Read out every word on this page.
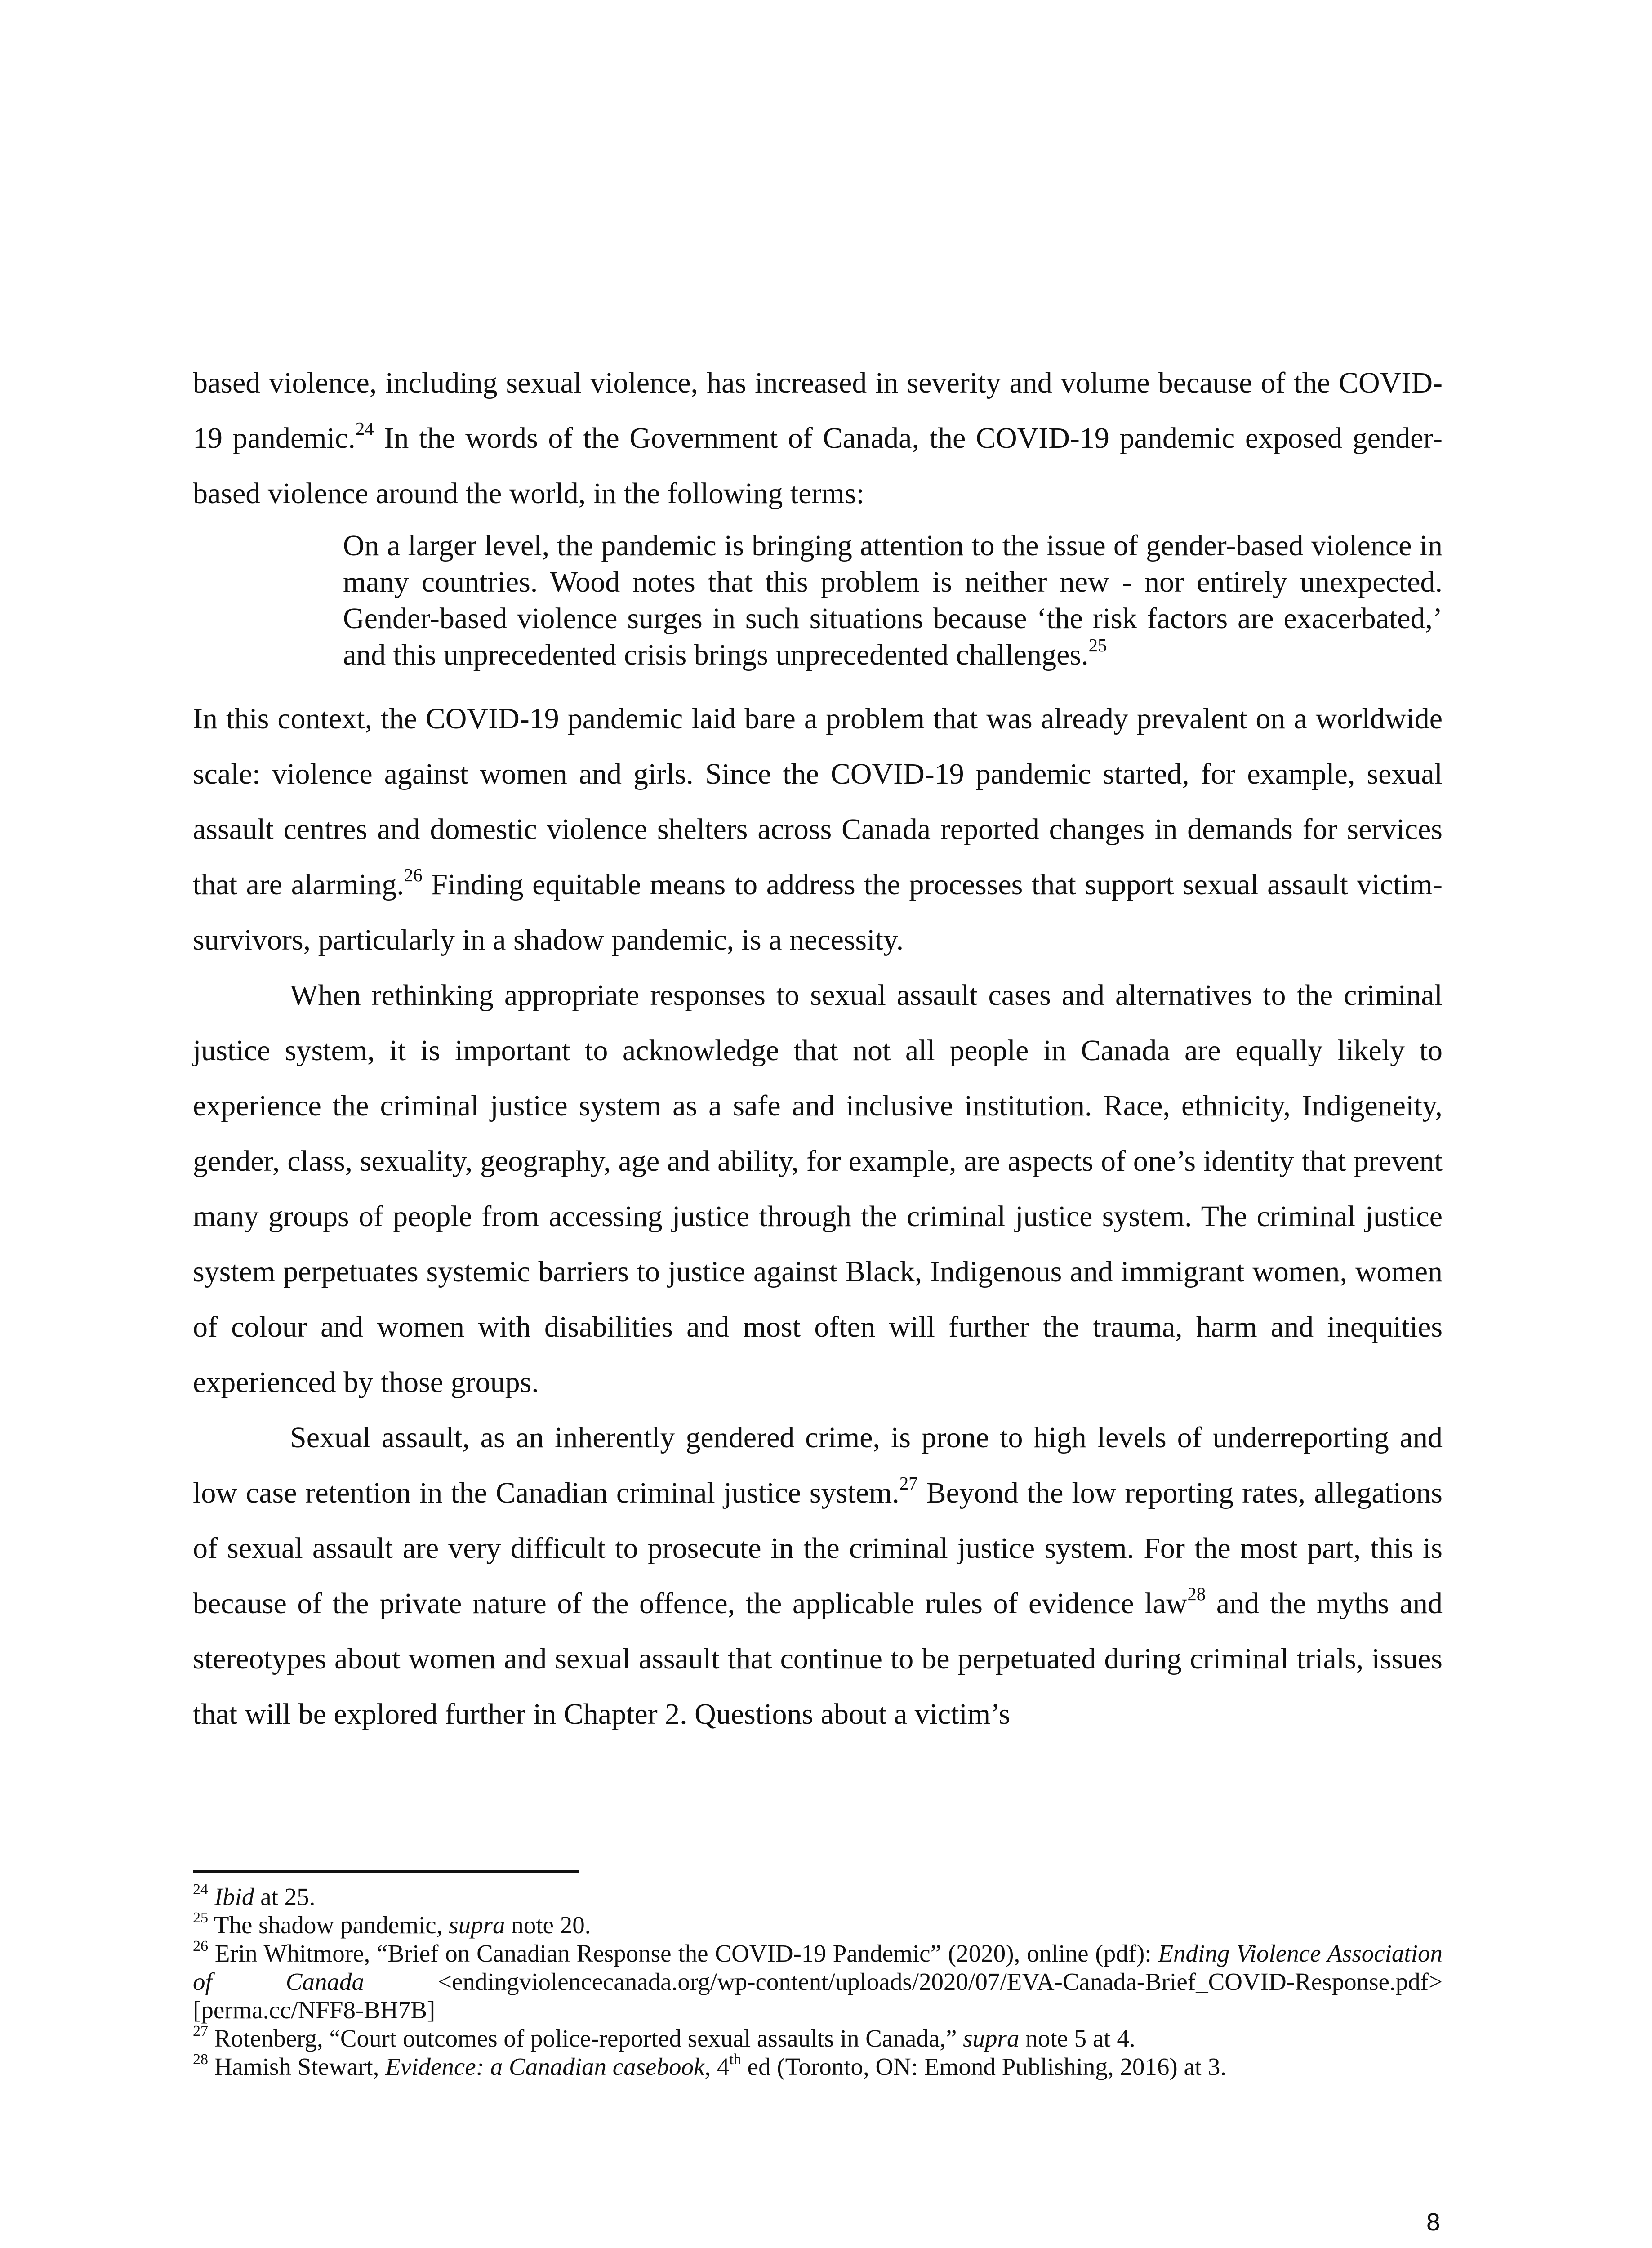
based violence, including sexual violence, has increased in severity and volume because of the COVID-19 pandemic.$^{24}$ In the words of the Government of Canada, the COVID-19 pandemic exposed gender-based violence around the world, in the following terms:

On a larger level, the pandemic is bringing attention to the issue of gender-based violence in many countries. Wood notes that this problem is neither new - nor entirely unexpected. Gender-based violence surges in such situations because ‘the risk factors are exacerbated,’ and this unprecedented crisis brings unprecedented challenges.$^{25}$

In this context, the COVID-19 pandemic laid bare a problem that was already prevalent on a worldwide scale: violence against women and girls. Since the COVID-19 pandemic started, for example, sexual assault centres and domestic violence shelters across Canada reported changes in demands for services that are alarming.$^{26}$ Finding equitable means to address the processes that support sexual assault victim-survivors, particularly in a shadow pandemic, is a necessity.

When rethinking appropriate responses to sexual assault cases and alternatives to the criminal justice system, it is important to acknowledge that not all people in Canada are equally likely to experience the criminal justice system as a safe and inclusive institution. Race, ethnicity, Indigeneity, gender, class, sexuality, geography, age and ability, for example, are aspects of one’s identity that prevent many groups of people from accessing justice through the criminal justice system. The criminal justice system perpetuates systemic barriers to justice against Black, Indigenous and immigrant women, women of colour and women with disabilities and most often will further the trauma, harm and inequities experienced by those groups.

Sexual assault, as an inherently gendered crime, is prone to high levels of underreporting and low case retention in the Canadian criminal justice system.$^{27}$ Beyond the low reporting rates, allegations of sexual assault are very difficult to prosecute in the criminal justice system. For the most part, this is because of the private nature of the offence, the applicable rules of evidence law$^{28}$ and the myths and stereotypes about women and sexual assault that continue to be perpetuated during criminal trials, issues that will be explored further in Chapter 2. Questions about a victim’s

$^{24}$ Ibid at 25.

$^{25}$ The shadow pandemic, supra note 20.

$^{26}$ Erin Whitmore, “Brief on Canadian Response the COVID-19 Pandemic” (2020), online (pdf): Ending Violence Association of Canada <endingviolencecanada.org/wp-content/uploads/2020/07/EVA-Canada-Brief_COVID-Response.pdf> [perma.cc/NFF8-BH7B]

$^{27}$ Rotenberg, “Court outcomes of police-reported sexual assaults in Canada,” supra note 5 at 4.

$^{28}$ Hamish Stewart, Evidence: a Canadian casebook, 4th ed (Toronto, ON: Emond Publishing, 2016) at 3.

8
